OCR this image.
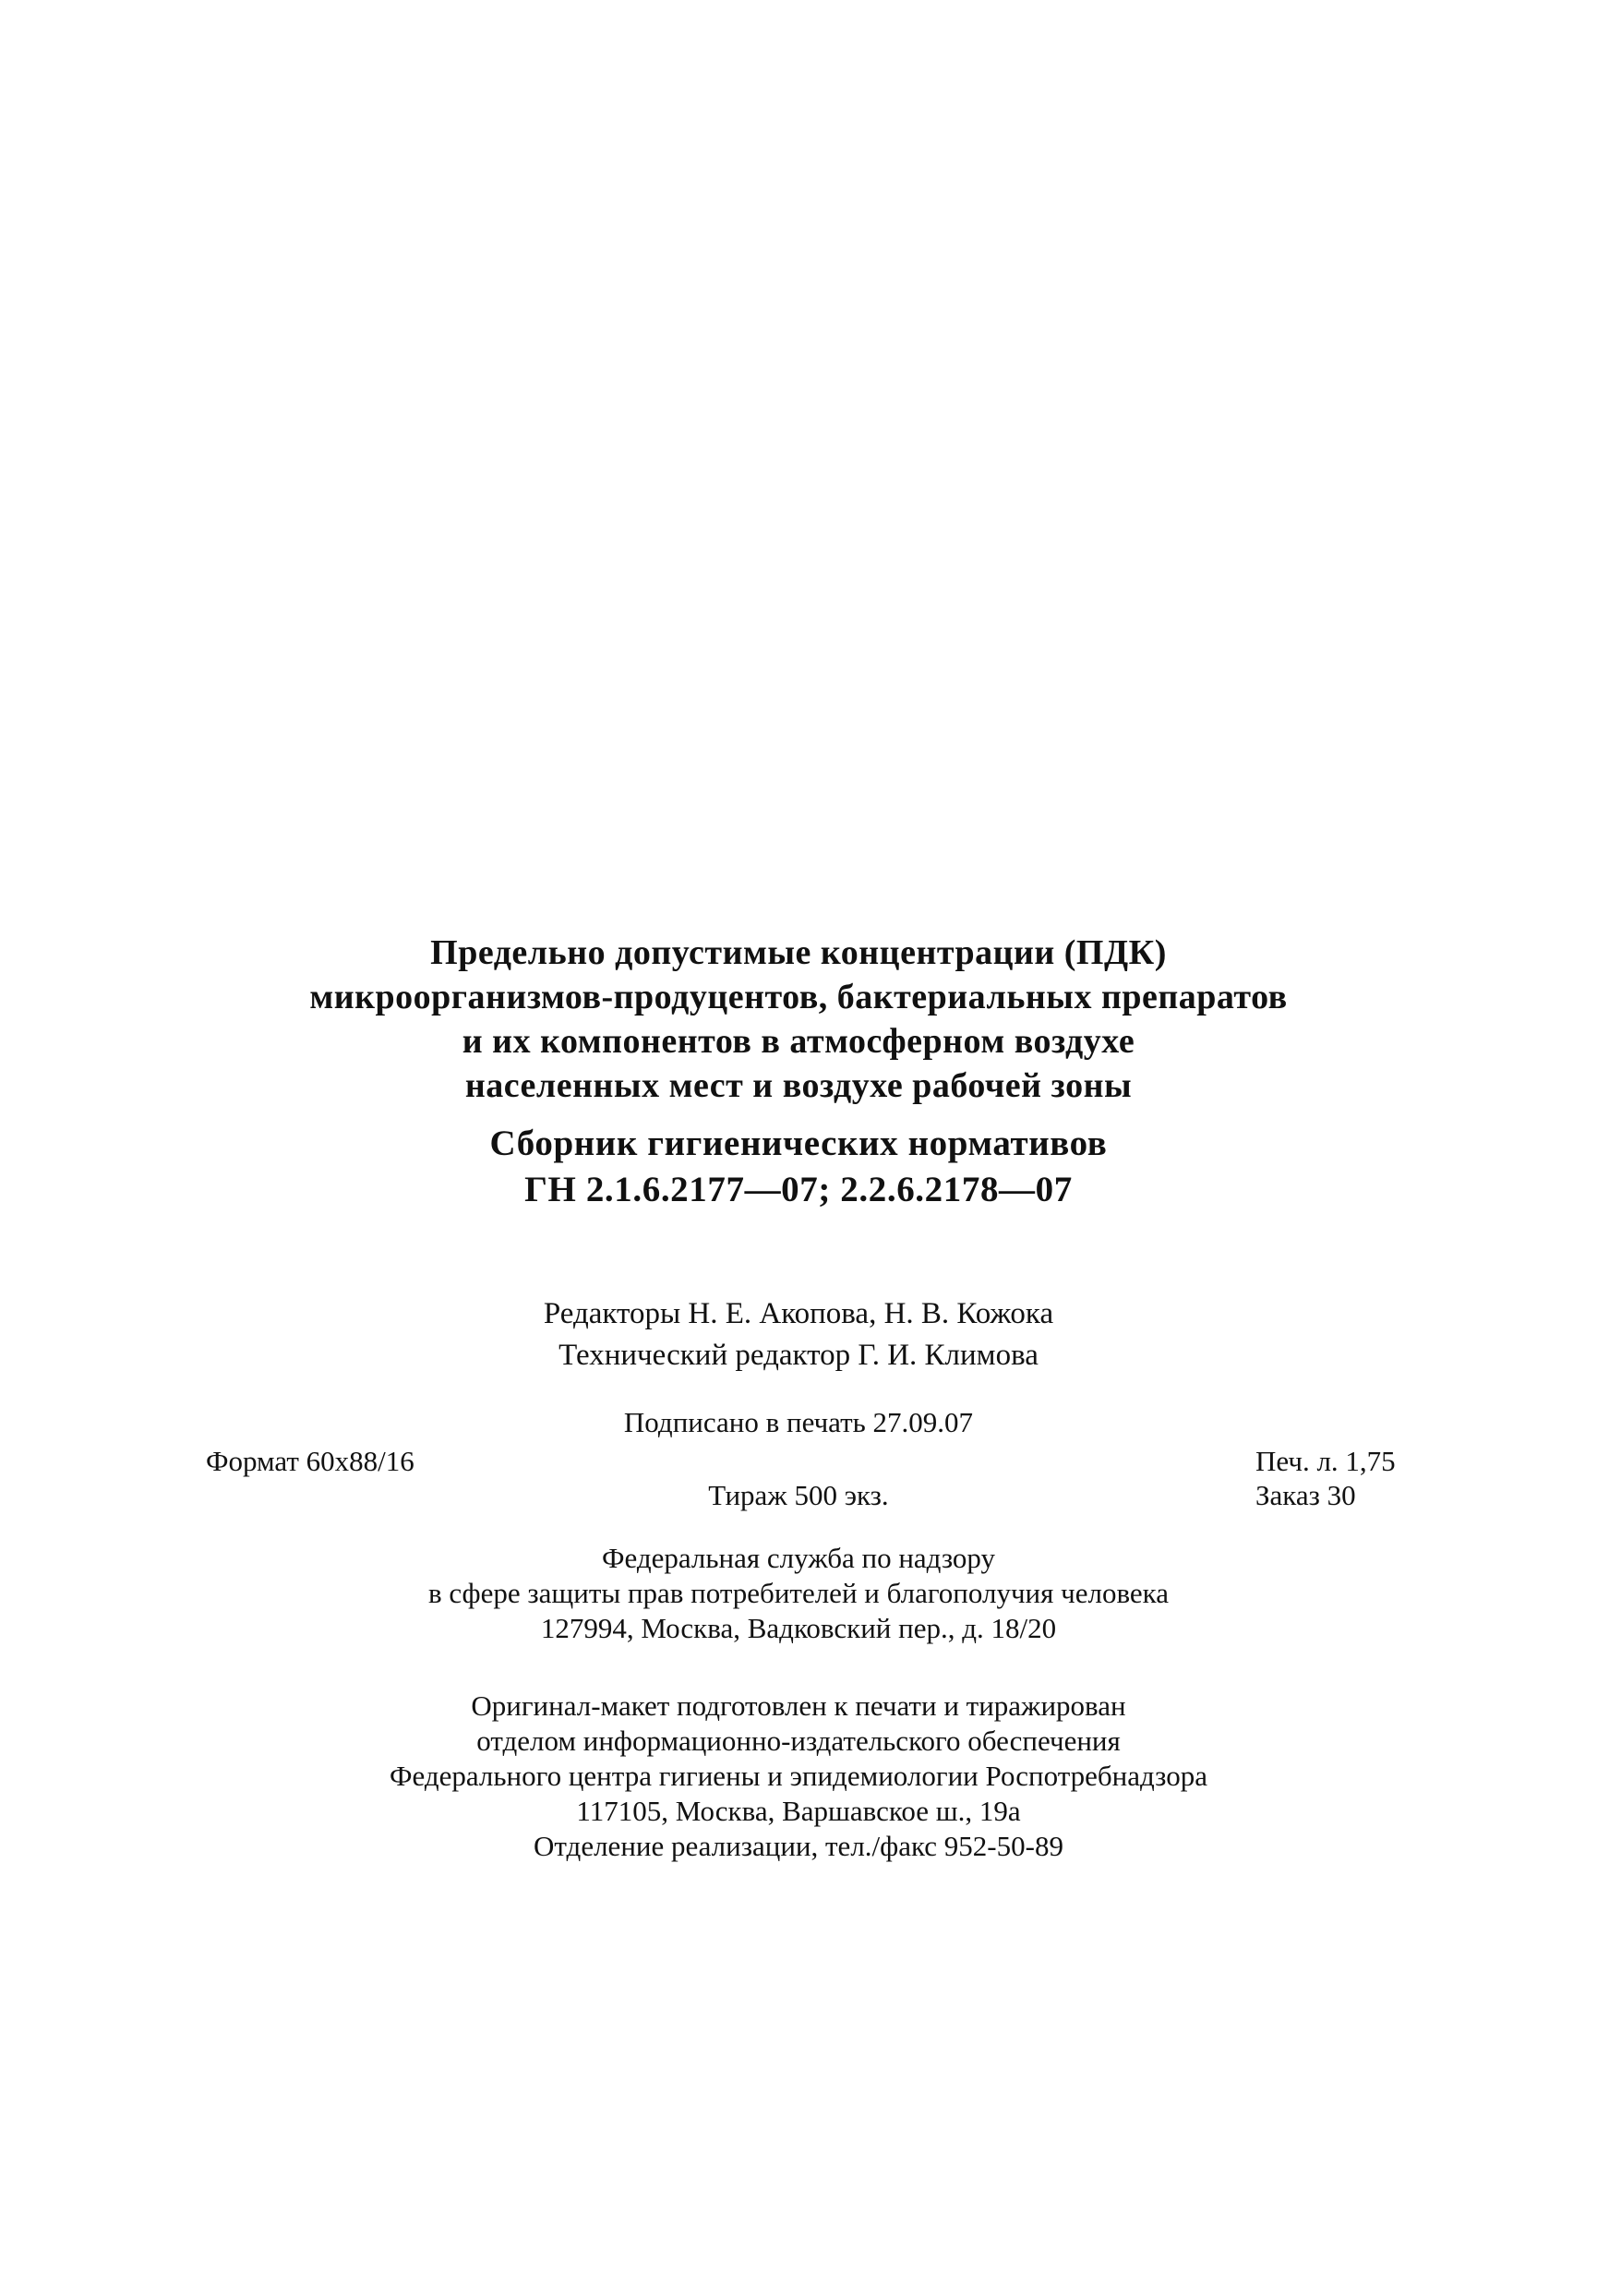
Предельно допустимые концентрации (ПДК)
микроорганизмов-продуцентов, бактериальных препаратов
и их компонентов в атмосферном воздухе
населенных мест и воздухе рабочей зоны
Сборник гигиенических нормативов
ГН 2.1.6.2177—07; 2.2.6.2178—07
Редакторы Н. Е. Акопова, Н. В. Кожока
Технический редактор Г. И. Климова
Подписано в печать 27.09.07
Формат 60x88/16	Печ. л. 1,75
Тираж 500 экз.	Заказ 30
Федеральная служба по надзору
в сфере защиты прав потребителей и благополучия человека
127994, Москва, Вадковский пер., д. 18/20
Оригинал-макет подготовлен к печати и тиражирован
отделом информационно-издательского обеспечения
Федерального центра гигиены и эпидемиологии Роспотребнадзора
117105, Москва, Варшавское ш., 19а
Отделение реализации, тел./факс 952-50-89
